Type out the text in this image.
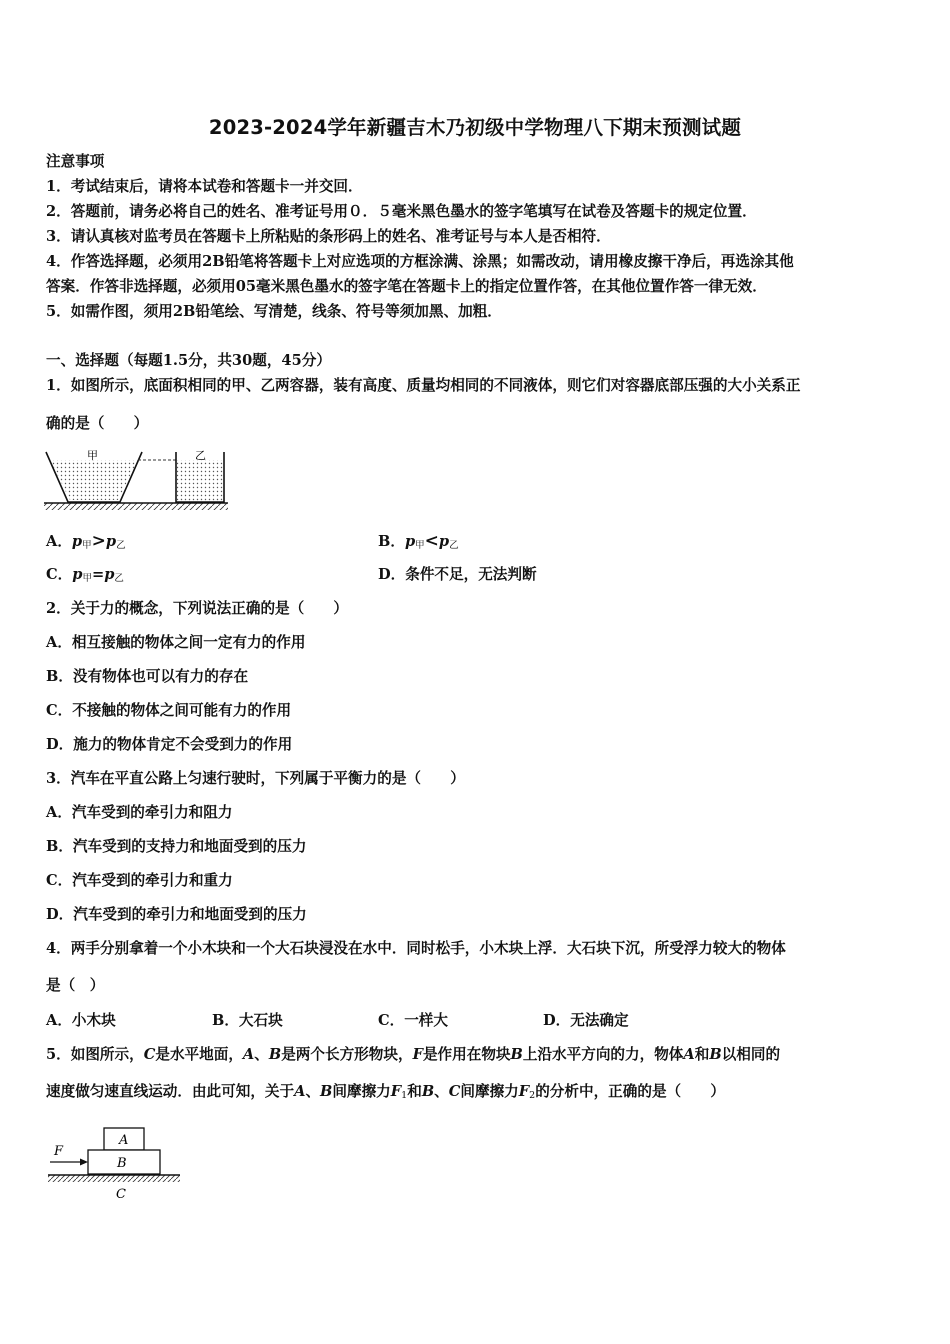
2023-2024学年新疆吉木乃初级中学物理八下期末预测试题
注意事项
1．考试结束后，请将本试卷和答题卡一并交回．
2．答题前，请务必将自己的姓名、准考证号用０．５毫米黑色墨水的签字笔填写在试卷及答题卡的规定位置．
3．请认真核对监考员在答题卡上所粘贴的条形码上的姓名、准考证号与本人是否相符．
4．作答选择题，必须用2B铅笔将答题卡上对应选项的方框涂满、涂黑；如需改动，请用橡皮擦干净后，再选涂其他
答案．作答非选择题，必须用05毫米黑色墨水的签字笔在答题卡上的指定位置作答，在其他位置作答一律无效．
5．如需作图，须用2B铅笔绘、写清楚，线条、符号等须加黑、加粗．
一、选择题（每题1.5分，共30题，45分）
1．如图所示，底面积相同的甲、乙两容器，装有高度、质量均相同的不同液体，则它们对容器底部压强的大小关系正
确的是（　　）
甲	乙
A．$p_甲>p_乙$	B．$p_甲<p_乙$
C．$p_甲=p_乙$	D．条件不足，无法判断
2．关于力的概念，下列说法正确的是（　　）
A．相互接触的物体之间一定有力的作用
B．没有物体也可以有力的存在
C．不接触的物体之间可能有力的作用
D．施力的物体肯定不会受到力的作用
3．汽车在平直公路上匀速行驶时，下列属于平衡力的是（　　）
A．汽车受到的牵引力和阻力
B．汽车受到的支持力和地面受到的压力
C．汽车受到的牵引力和重力
D．汽车受到的牵引力和地面受到的压力
4．两手分别拿着一个小木块和一个大石块浸没在水中．同时松手，小木块上浮．大石块下沉，所受浮力较大的物体
是（　）
A．小木块	B．大石块	C．一样大	D．无法确定
5．如图所示，C是水平地面，A、B是两个长方形物块，F是作用在物块B上沿水平方向的力，物体A和B以相同的
速度做匀速直线运动．由此可知，关于A、B间摩擦力$F_1$和B、C间摩擦力$F_2$的分析中，正确的是（　　）
A
B
F
C
